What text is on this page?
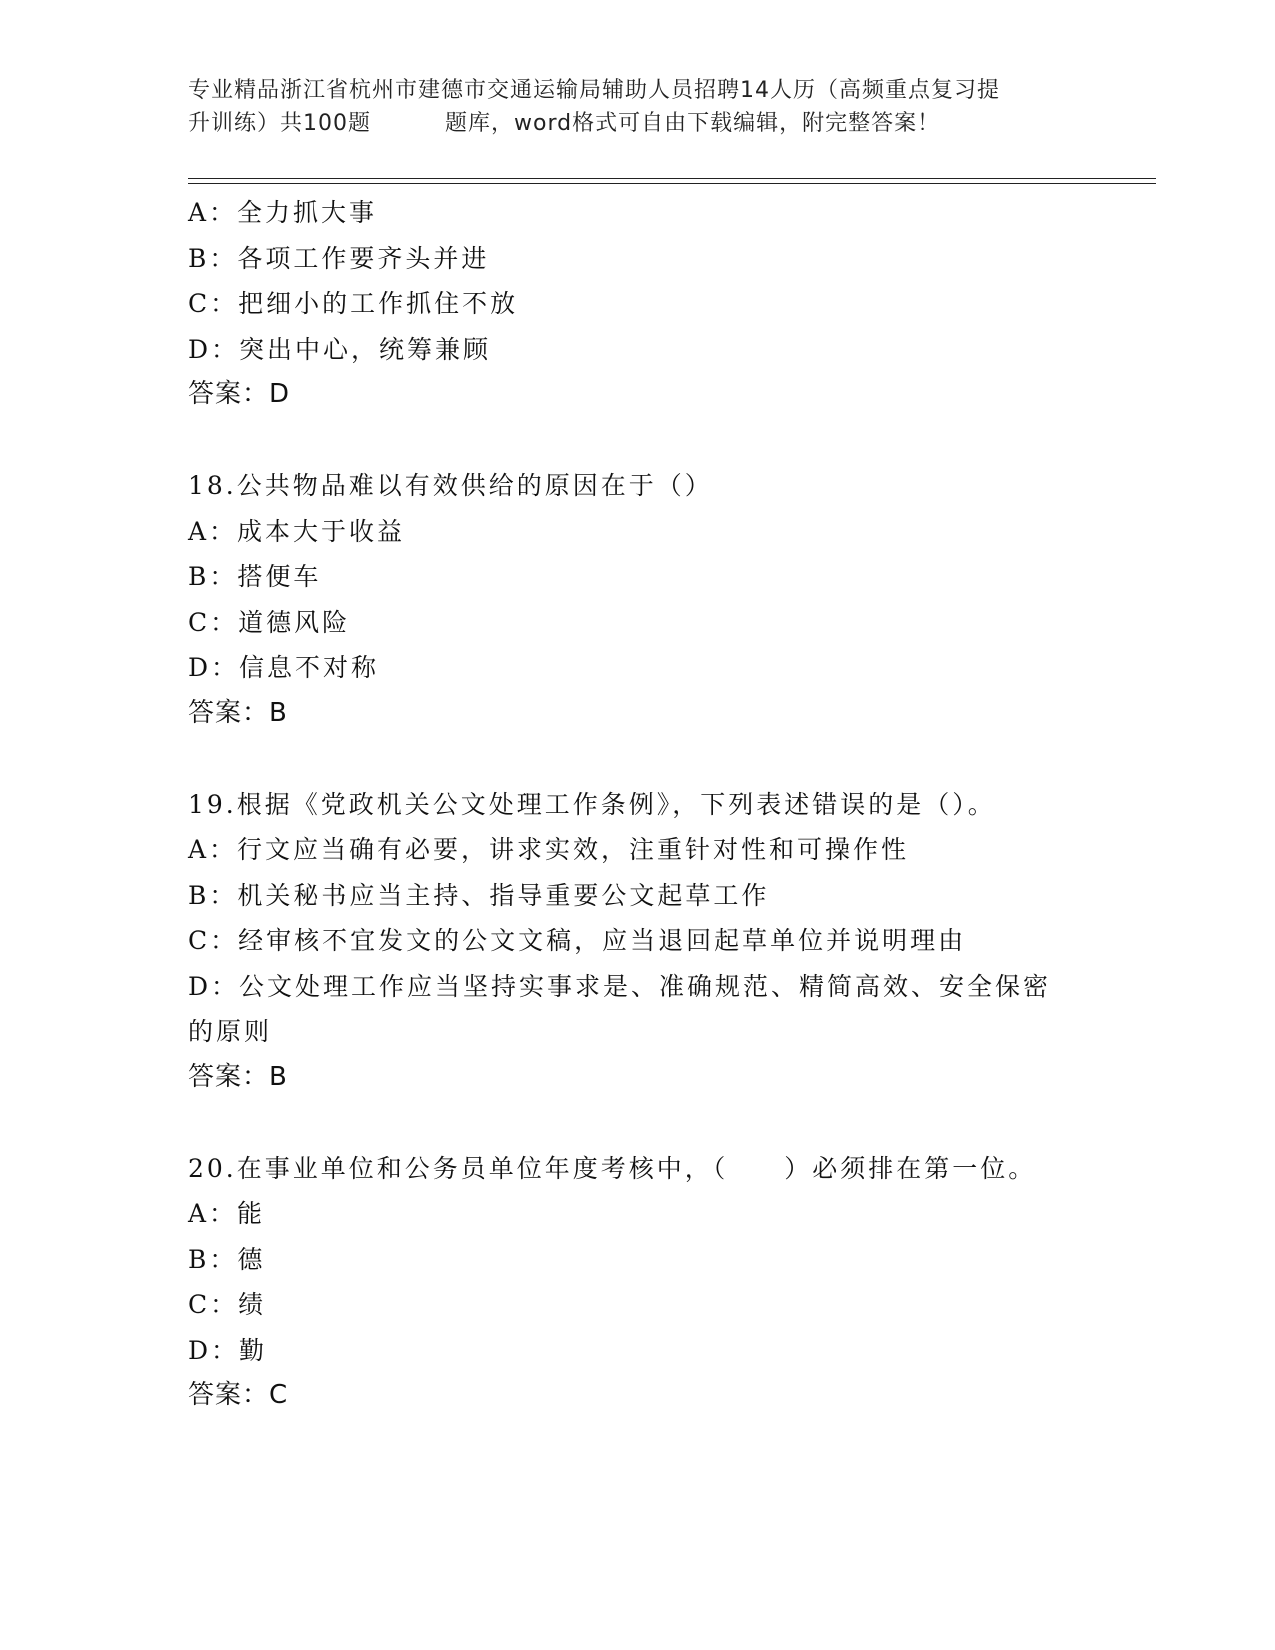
专业精品浙江省杭州市建德市交通运输局辅助人员招聘14人历（高频重点复习提
升训练）共100题	题库，word格式可自由下载编辑，附完整答案！
A：全力抓大事
B：各项工作要齐头并进
C：把细小的工作抓住不放
D：突出中心，统筹兼顾
答案：D
18.公共物品难以有效供给的原因在于（）
A：成本大于收益
B：搭便车
C：道德风险
D：信息不对称
答案：B
19.根据《党政机关公文处理工作条例》，下列表述错误的是（）。
A：行文应当确有必要，讲求实效，注重针对性和可操作性
B：机关秘书应当主持、指导重要公文起草工作
C：经审核不宜发文的公文文稿，应当退回起草单位并说明理由
D：公文处理工作应当坚持实事求是、准确规范、精简高效、安全保密
的原则
答案：B
20.在事业单位和公务员单位年度考核中，（　　）必须排在第一位。
A：能
B：德
C：绩
D：勤
答案：C
